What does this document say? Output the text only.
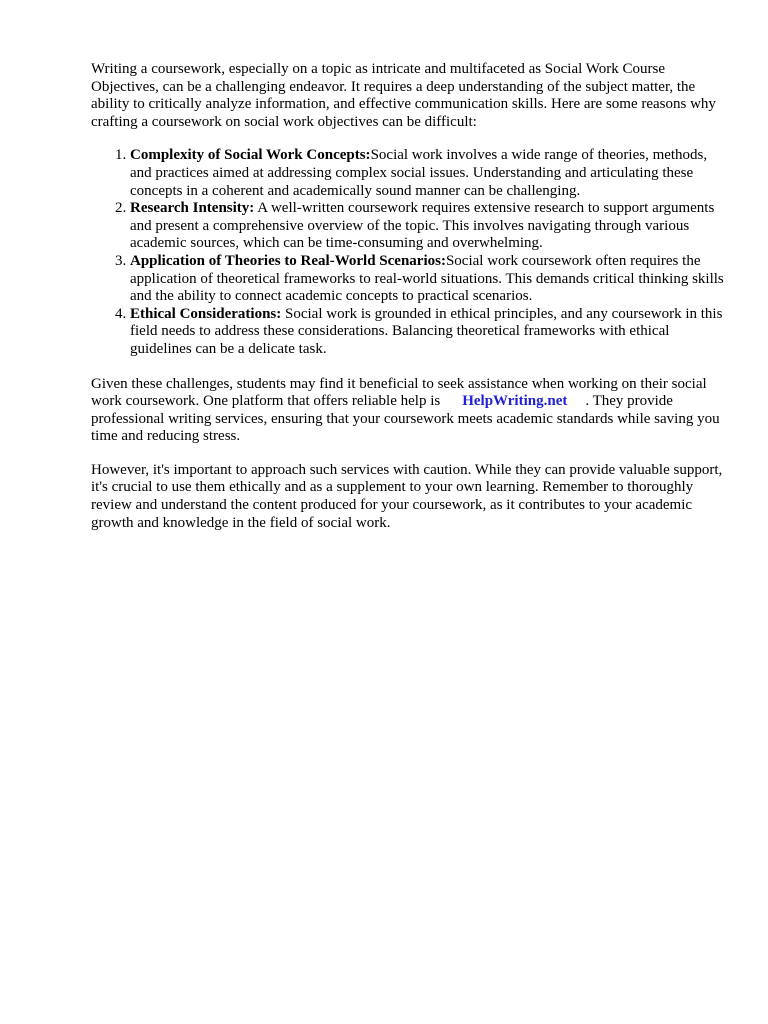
Writing a coursework, especially on a topic as intricate and multifaceted as Social Work Course Objectives, can be a challenging endeavor. It requires a deep understanding of the subject matter, the ability to critically analyze information, and effective communication skills. Here are some reasons why crafting a coursework on social work objectives can be difficult:

1. Complexity of Social Work Concepts:Social work involves a wide range of theories, methods, and practices aimed at addressing complex social issues. Understanding and articulating these concepts in a coherent and academically sound manner can be challenging.
2. Research Intensity: A well-written coursework requires extensive research to support arguments and present a comprehensive overview of the topic. This involves navigating through various academic sources, which can be time-consuming and overwhelming.
3. Application of Theories to Real-World Scenarios:Social work coursework often requires the application of theoretical frameworks to real-world situations. This demands critical thinking skills and the ability to connect academic concepts to practical scenarios.
4. Ethical Considerations: Social work is grounded in ethical principles, and any coursework in this field needs to address these considerations. Balancing theoretical frameworks with ethical guidelines can be a delicate task.

Given these challenges, students may find it beneficial to seek assistance when working on their social work coursework. One platform that offers reliable help is HelpWriting.net . They provide professional writing services, ensuring that your coursework meets academic standards while saving you time and reducing stress.

However, it's important to approach such services with caution. While they can provide valuable support, it's crucial to use them ethically and as a supplement to your own learning. Remember to thoroughly review and understand the content produced for your coursework, as it contributes to your academic growth and knowledge in the field of social work.
